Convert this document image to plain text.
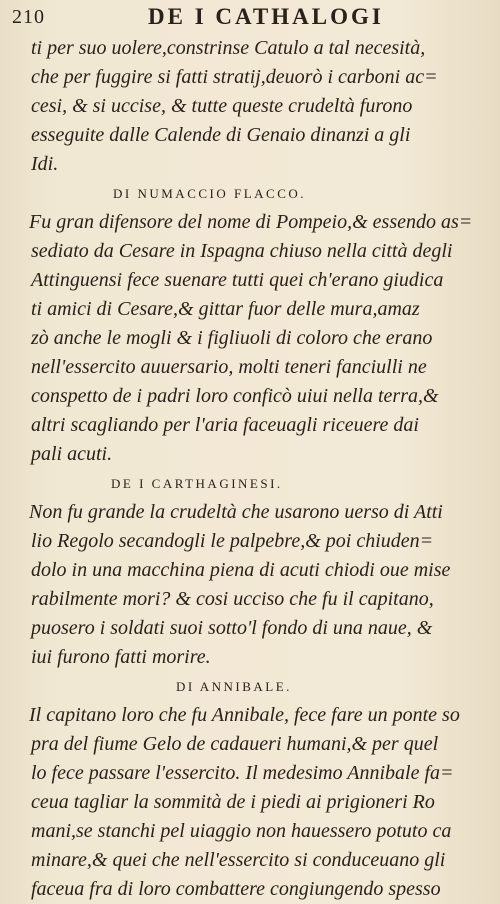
210	DE I CATHALOGI
ti per suo uolere,constrinse Catulo a tal necesità,
che per fuggire si fatti stratij,deuorò i carboni ac=
cesi, & si uccise, & tutte queste crudeltà furono
esseguite dalle Calende di Genaio dinanzi a gli
Idi.
DI NUMACCIO FLACCO.
Fu gran difensore del nome di Pompeio,& essendo as=
sediato da Cesare in Ispagna chiuso nella città degli
Attinguensi fece suenare tutti quei ch'erano giudica
ti amici di Cesare,& gittar fuor delle mura,amaz
zò anche le mogli & i figliuoli di coloro che erano
nell'essercito auuersario, molti teneri fanciulli ne
conspetto de i padri loro conficò uiui nella terra,&
altri scagliando per l'aria faceuagli riceuere dai
pali acuti.
DE I CARTHAGINESI.
Non fu grande la crudeltà che usarono uerso di Atti
lio Regolo secandogli le palpebre,& poi chiuden=
dolo in una macchina piena di acuti chiodi oue mise
rabilmente mori? & cosi ucciso che fu il capitano,
puosero i soldati suoi sotto'l fondo di una naue, &
iui furono fatti morire.
DI ANNIBALE.
Il capitano loro che fu Annibale, fece fare un ponte so
pra del fiume Gelo de cadaueri humani,& per quel
lo fece passare l'essercito. Il medesimo Annibale fa=
ceua tagliar la sommità de i piedi ai prigioneri Ro
mani,se stanchi pel uiaggio non hauessero potuto ca
minare,& quei che nell'essercito si conduceuano gli
faceua fra di loro combattere congiungendo spesso
